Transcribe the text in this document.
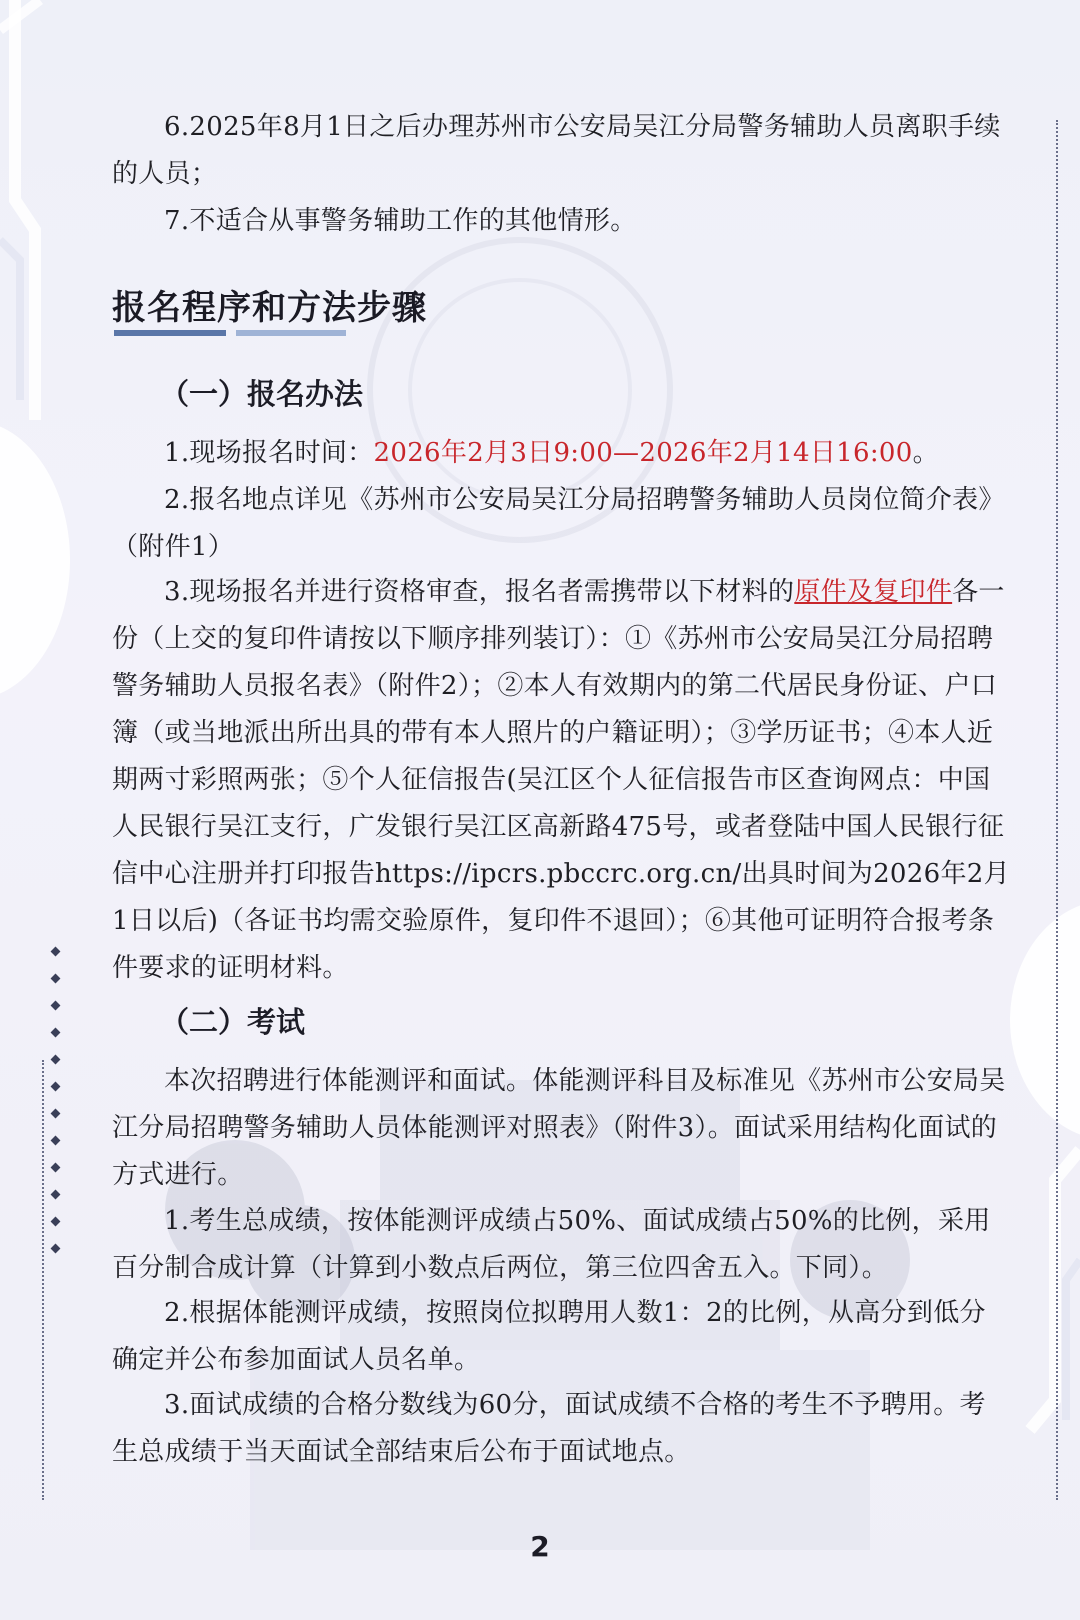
6.2025年8月1日之后办理苏州市公安局吴江分局警务辅助人员离职手续的人员；

7.不适合从事警务辅助工作的其他情形。

报名程序和方法步骤
（一）报名办法

1.现场报名时间：2026年2月3日9:00—2026年2月14日16:00。

2.报名地点详见《苏州市公安局吴江分局招聘警务辅助人员岗位简介表》（附件1）

3.现场报名并进行资格审查，报名者需携带以下材料的原件及复印件各一份（上交的复印件请按以下顺序排列装订）：①《苏州市公安局吴江分局招聘警务辅助人员报名表》（附件2）；②本人有效期内的第二代居民身份证、户口簿（或当地派出所出具的带有本人照片的户籍证明）；③学历证书；④本人近期两寸彩照两张；⑤个人征信报告(吴江区个人征信报告市区查询网点：中国人民银行吴江支行，广发银行吴江区高新路475号，或者登陆中国人民银行征信中心注册并打印报告https://ipcrs.pbccrc.org.cn/出具时间为2026年2月1日以后)（各证书均需交验原件，复印件不退回）；⑥其他可证明符合报考条件要求的证明材料。

（二）考试

本次招聘进行体能测评和面试。体能测评科目及标准见《苏州市公安局吴江分局招聘警务辅助人员体能测评对照表》（附件3）。面试采用结构化面试的方式进行。

1.考生总成绩，按体能测评成绩占50%、面试成绩占50%的比例，采用百分制合成计算（计算到小数点后两位，第三位四舍五入。下同）。

2.根据体能测评成绩，按照岗位拟聘用人数1：2的比例，从高分到低分确定并公布参加面试人员名单。

3.面试成绩的合格分数线为60分，面试成绩不合格的考生不予聘用。考生总成绩于当天面试全部结束后公布于面试地点。

2
